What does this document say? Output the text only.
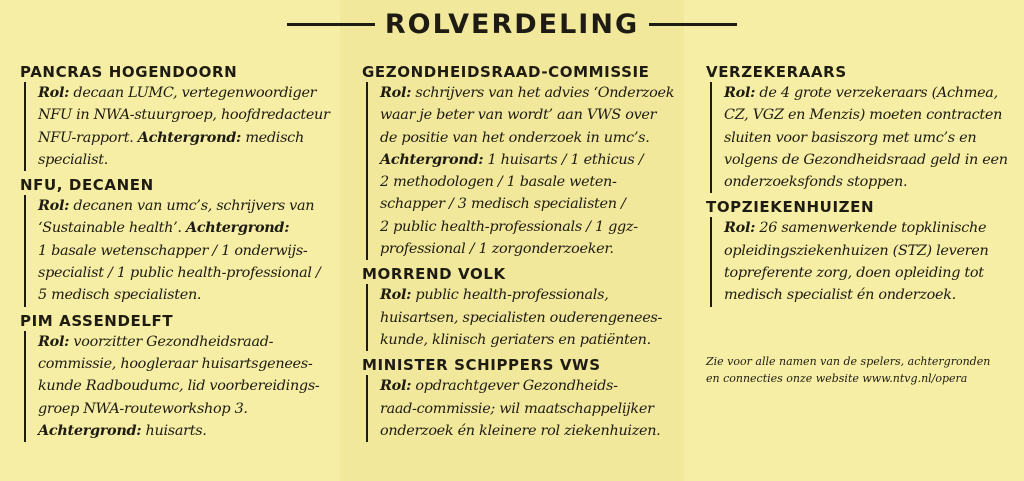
ROLVERDELING
PANCRAS HOGENDOORN
Rol: decaan LUMC, vertegenwoordiger
NFU in NWA-stuurgroep, hoofdredacteur
NFU-rapport. Achtergrond: medisch
specialist.
NFU, DECANEN
Rol: decanen van umc’s, schrijvers van
‘Sustainable health’. Achtergrond:
1 basale wetenschapper / 1 onderwijs-
specialist / 1 public health-professional /
5 medisch specialisten.
PIM ASSENDELFT
Rol: voorzitter Gezondheidsraad-
commissie, hoogleraar huisartsgenees-
kunde Radboudumc, lid voorbereidings-
groep NWA-routeworkshop 3.
Achtergrond: huisarts.
GEZONDHEIDSRAAD-COMMISSIE
Rol: schrijvers van het advies ‘Onderzoek
waar je beter van wordt’ aan VWS over
de positie van het onderzoek in umc’s.
Achtergrond: 1 huisarts / 1 ethicus /
2 methodologen / 1 basale weten-
schapper / 3 medisch specialisten /
2 public health-professionals / 1 ggz-
professional / 1 zorgonderzoeker.
MORREND VOLK
Rol: public health-professionals,
huisartsen, specialisten ouderengenees-
kunde, klinisch geriaters en patiënten.
MINISTER SCHIPPERS VWS
Rol: opdrachtgever Gezondheids-
raad-commissie; wil maatschappelijker
onderzoek én kleinere rol ziekenhuizen.
VERZEKERAARS
Rol: de 4 grote verzekeraars (Achmea,
CZ, VGZ en Menzis) moeten contracten
sluiten voor basiszorg met umc’s en
volgens de Gezondheidsraad geld in een
onderzoeksfonds stoppen.
TOPZIEKENHUIZEN
Rol: 26 samenwerkende topklinische
opleidingsziekenhuizen (STZ) leveren
topreferente zorg, doen opleiding tot
medisch specialist én onderzoek.
Zie voor alle namen van de spelers, achtergronden
en connecties onze website www.ntvg.nl/opera
